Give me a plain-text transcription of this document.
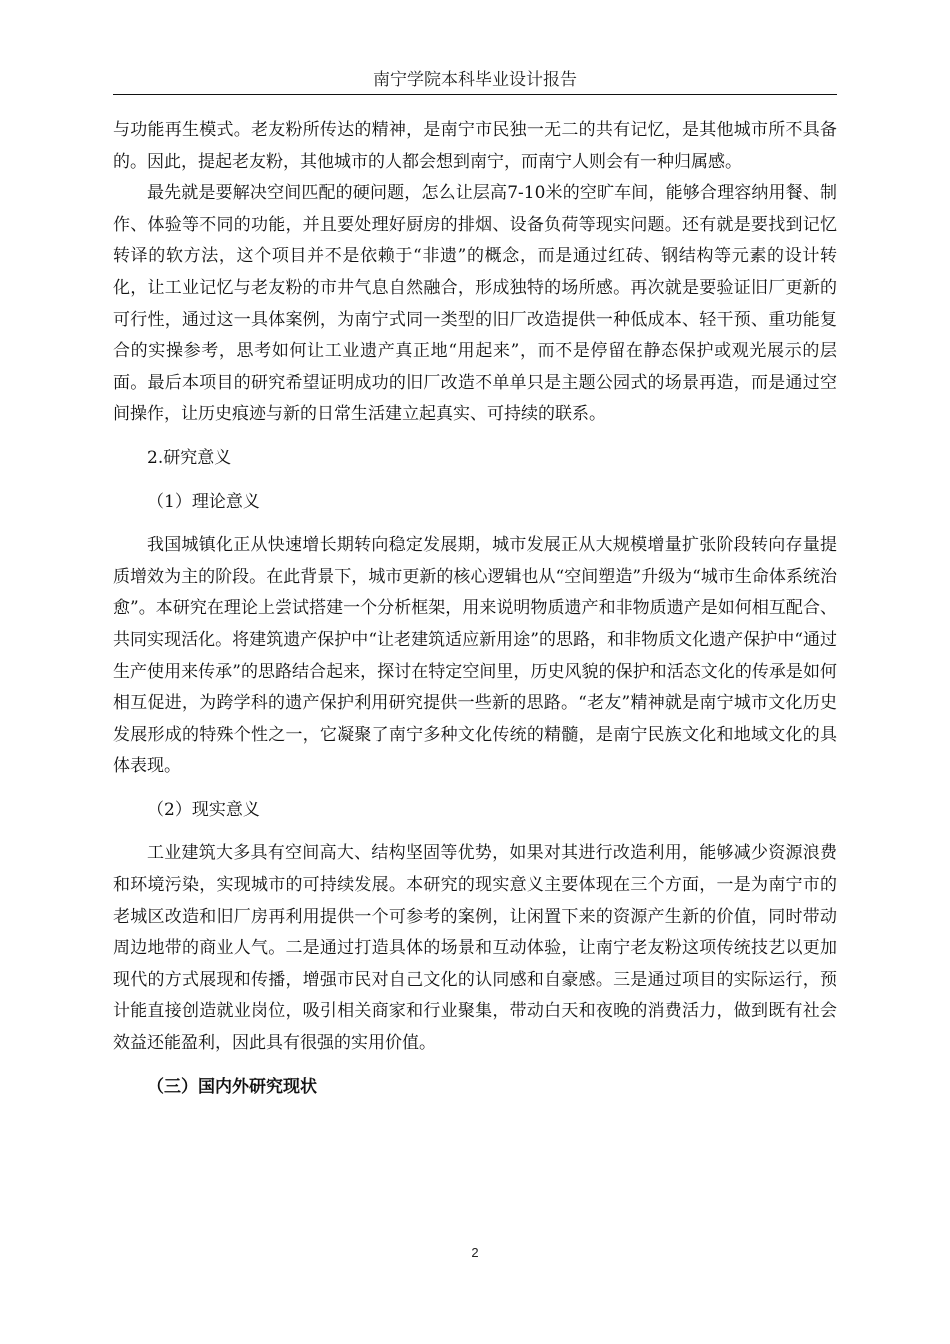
南宁学院本科毕业设计报告

与功能再生模式。老友粉所传达的精神，是南宁市民独一无二的共有记忆，是其他城市所不具备的。因此，提起老友粉，其他城市的人都会想到南宁，而南宁人则会有一种归属感。

最先就是要解决空间匹配的硬问题，怎么让层高7-10米的空旷车间，能够合理容纳用餐、制作、体验等不同的功能，并且要处理好厨房的排烟、设备负荷等现实问题。还有就是要找到记忆转译的软方法，这个项目并不是依赖于“非遗”的概念，而是通过红砖、钢结构等元素的设计转化，让工业记忆与老友粉的市井气息自然融合，形成独特的场所感。再次就是要验证旧厂更新的可行性，通过这一具体案例，为南宁式同一类型的旧厂改造提供一种低成本、轻干预、重功能复合的实操参考，思考如何让工业遗产真正地“用起来”，而不是停留在静态保护或观光展示的层面。最后本项目的研究希望证明成功的旧厂改造不单单只是主题公园式的场景再造，而是通过空间操作，让历史痕迹与新的日常生活建立起真实、可持续的联系。

2.研究意义

（1）理论意义

我国城镇化正从快速增长期转向稳定发展期，城市发展正从大规模增量扩张阶段转向存量提质增效为主的阶段。在此背景下，城市更新的核心逻辑也从“空间塑造”升级为“城市生命体系统治愈”。本研究在理论上尝试搭建一个分析框架，用来说明物质遗产和非物质遗产是如何相互配合、共同实现活化。将建筑遗产保护中“让老建筑适应新用途”的思路，和非物质文化遗产保护中“通过生产使用来传承”的思路结合起来，探讨在特定空间里，历史风貌的保护和活态文化的传承是如何相互促进，为跨学科的遗产保护利用研究提供一些新的思路。“老友”精神就是南宁城市文化历史发展形成的特殊个性之一，它凝聚了南宁多种文化传统的精髓，是南宁民族文化和地域文化的具体表现。

（2）现实意义

工业建筑大多具有空间高大、结构坚固等优势，如果对其进行改造利用，能够减少资源浪费和环境污染，实现城市的可持续发展。本研究的现实意义主要体现在三个方面，一是为南宁市的老城区改造和旧厂房再利用提供一个可参考的案例，让闲置下来的资源产生新的价值，同时带动周边地带的商业人气。二是通过打造具体的场景和互动体验，让南宁老友粉这项传统技艺以更加现代的方式展现和传播，增强市民对自己文化的认同感和自豪感。三是通过项目的实际运行，预计能直接创造就业岗位，吸引相关商家和行业聚集，带动白天和夜晚的消费活力，做到既有社会效益还能盈利，因此具有很强的实用价值。

（三）国内外研究现状

2
